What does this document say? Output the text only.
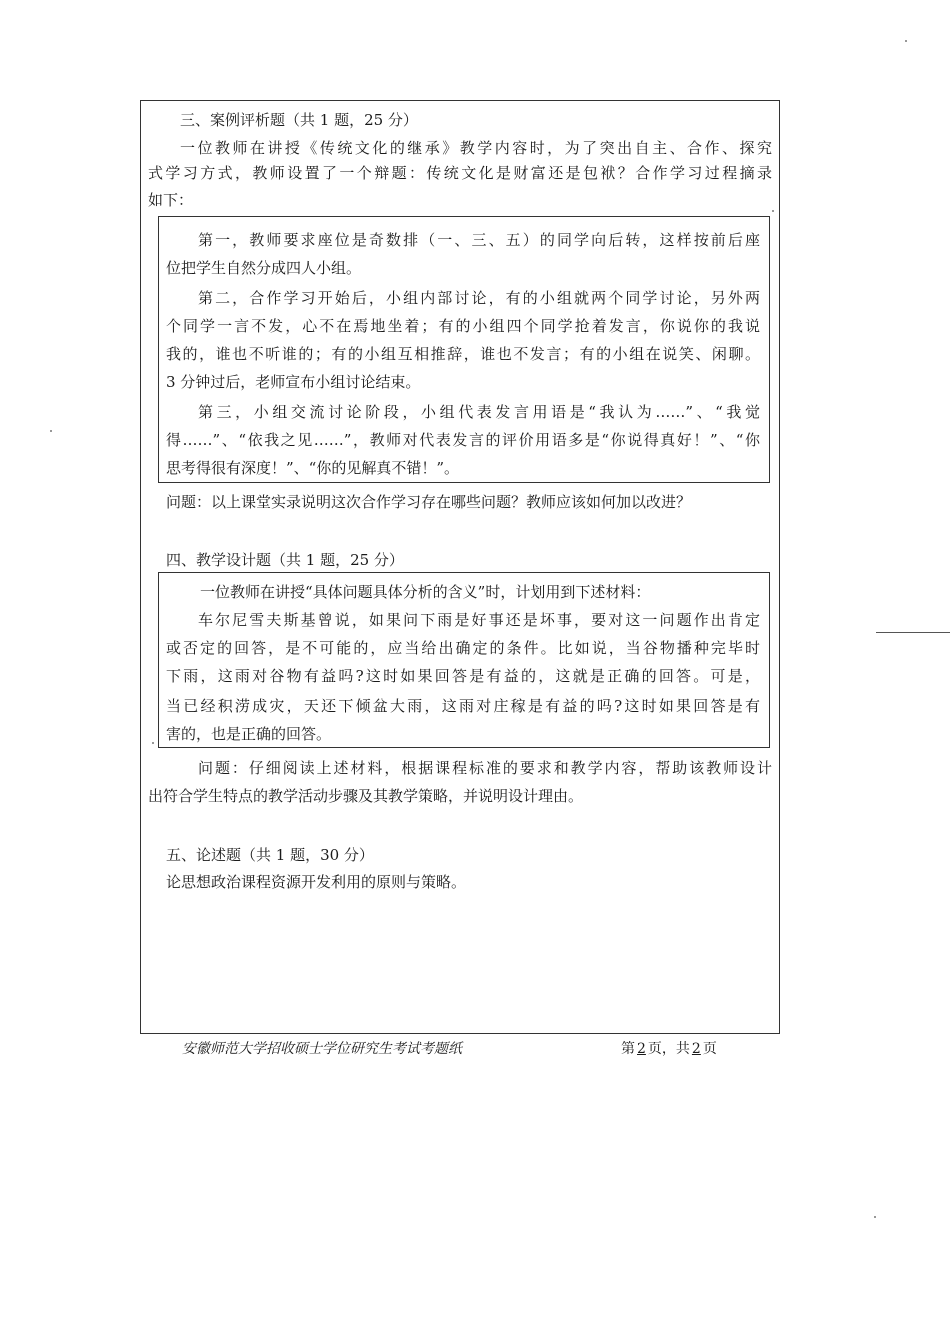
三、案例评析题（共 1 题，25 分）
一位教师在讲授《传统文化的继承》教学内容时，为了突出自主、合作、探究
式学习方式，教师设置了一个辩题：传统文化是财富还是包袱？合作学习过程摘录
如下：
第一，教师要求座位是奇数排（一、三、五）的同学向后转，这样按前后座
位把学生自然分成四人小组。
第二，合作学习开始后，小组内部讨论，有的小组就两个同学讨论，另外两
个同学一言不发，心不在焉地坐着；有的小组四个同学抢着发言，你说你的我说
我的，谁也不听谁的；有的小组互相推辞，谁也不发言；有的小组在说笑、闲聊。
3 分钟过后，老师宣布小组讨论结束。
第三，小组交流讨论阶段，小组代表发言用语是“我认为……”、“我觉
得……”、“依我之见……”，教师对代表发言的评价用语多是“你说得真好！”、“你
思考得很有深度！”、“你的见解真不错！”。
问题：以上课堂实录说明这次合作学习存在哪些问题？教师应该如何加以改进？
四、教学设计题（共 1 题，25 分）
一位教师在讲授“具体问题具体分析的含义”时，计划用到下述材料：
车尔尼雪夫斯基曾说，如果问下雨是好事还是坏事，要对这一问题作出肯定
或否定的回答，是不可能的，应当给出确定的条件。比如说，当谷物播种完毕时
下雨，这雨对谷物有益吗?这时如果回答是有益的，这就是正确的回答。可是，
当已经积涝成灾，天还下倾盆大雨，这雨对庄稼是有益的吗?这时如果回答是有
害的，也是正确的回答。
问题：仔细阅读上述材料，根据课程标准的要求和教学内容，帮助该教师设计
出符合学生特点的教学活动步骤及其教学策略，并说明设计理由。
五、论述题（共 1 题，30 分）
论思想政治课程资源开发利用的原则与策略。
安徽师范大学招收硕士学位研究生考试考题纸	第 2 页，共 2 页
